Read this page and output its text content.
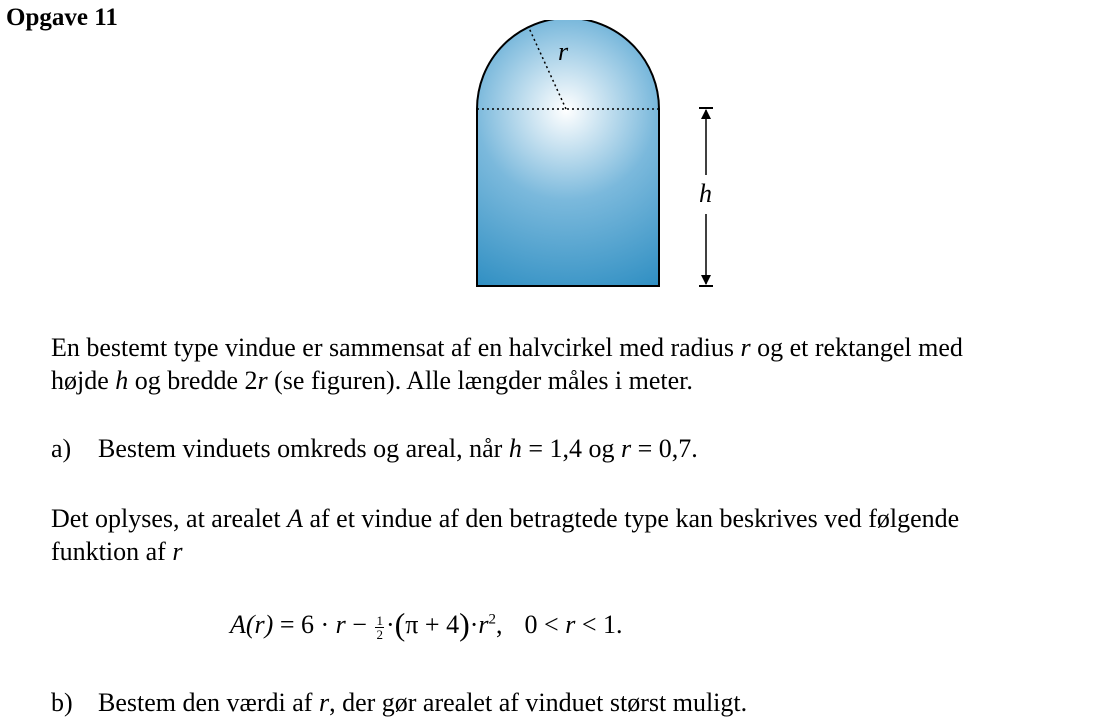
Opgave 11
r
h

En bestemt type vindue er sammensat af en halvcirkel med radius r og et rektangel med
højde h og bredde 2r (se figuren). Alle længder måles i meter.

a) Bestem vinduets omkreds og areal, når h = 1,4 og r = 0,7.

Det oplyses, at arealet A af et vindue af den betragtede type kan beskrives ved følgende
funktion af r

$A(r) = 6 \cdot r - \frac{1}{2} \cdot(\pi + 4)\cdot r^2$, 0 < r < 1.

b) Bestem den værdi af r, der gør arealet af vinduet størst muligt.
